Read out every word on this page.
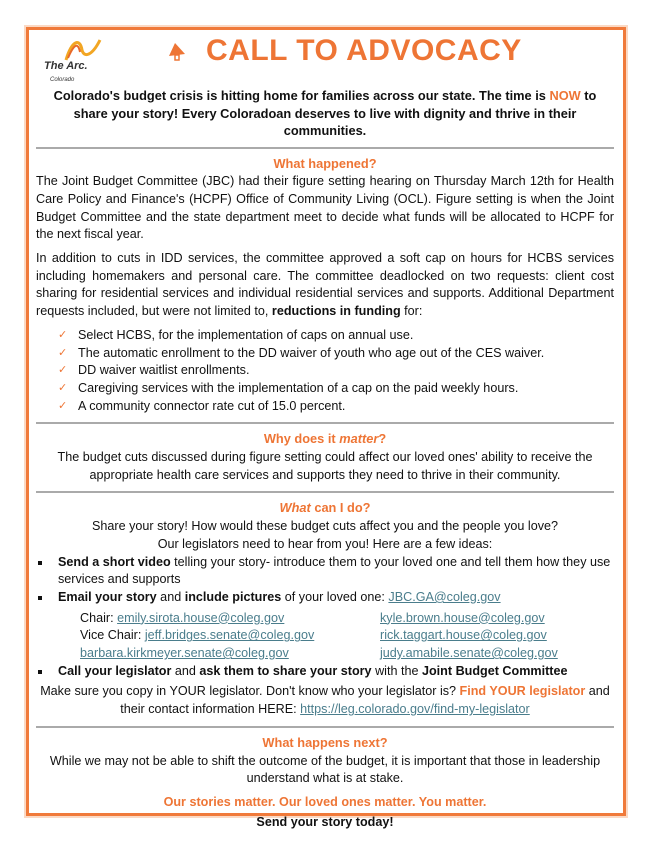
The Arc.
Colorado
CALL TO ADVOCACY
Colorado's budget crisis is hitting home for families across our state. The time is NOW to share your story! Every Coloradoan deserves to live with dignity and thrive in their communities.
What happened?

The Joint Budget Committee (JBC) had their figure setting hearing on Thursday March 12th for Health Care Policy and Finance's (HCPF) Office of Community Living (OCL). Figure setting is when the Joint Budget Committee and the state department meet to decide what funds will be allocated to HCPF for the next fiscal year.

In addition to cuts in IDD services, the committee approved a soft cap on hours for HCBS services including homemakers and personal care. The committee deadlocked on two requests: client cost sharing for residential services and individual residential services and supports. Additional Department requests included, but were not limited to, reductions in funding for:

✓ Select HCBS, for the implementation of caps on annual use.
✓ The automatic enrollment to the DD waiver of youth who age out of the CES waiver.
✓ DD waiver waitlist enrollments.
✓ Caregiving services with the implementation of a cap on the paid weekly hours.
✓ A community connector rate cut of 15.0 percent.
Why does it matter?

The budget cuts discussed during figure setting could affect our loved ones' ability to receive the appropriate health care services and supports they need to thrive in their community.

What can I do?
Share your story! How would these budget cuts affect you and the people you love?
Our legislators need to hear from you! Here are a few ideas:
Send a short video telling your story- introduce them to your loved one and tell them how they use services and supports
Email your story and include pictures of your loved one: JBC.GA@coleg.gov
Chair: emily.sirota.house@coleg.gov	kyle.brown.house@coleg.gov
Vice Chair: jeff.bridges.senate@coleg.gov	rick.taggart.house@coleg.gov
barbara.kirkmeyer.senate@coleg.gov	judy.amabile.senate@coleg.gov
Call your legislator and ask them to share your story with the Joint Budget Committee

Make sure you copy in YOUR legislator. Don't know who your legislator is? Find YOUR legislator and their contact information HERE: https://leg.colorado.gov/find-my-legislator

What happens next?

While we may not be able to shift the outcome of the budget, it is important that those in leadership understand what is at stake.

Our stories matter. Our loved ones matter. You matter.
Send your story today!
